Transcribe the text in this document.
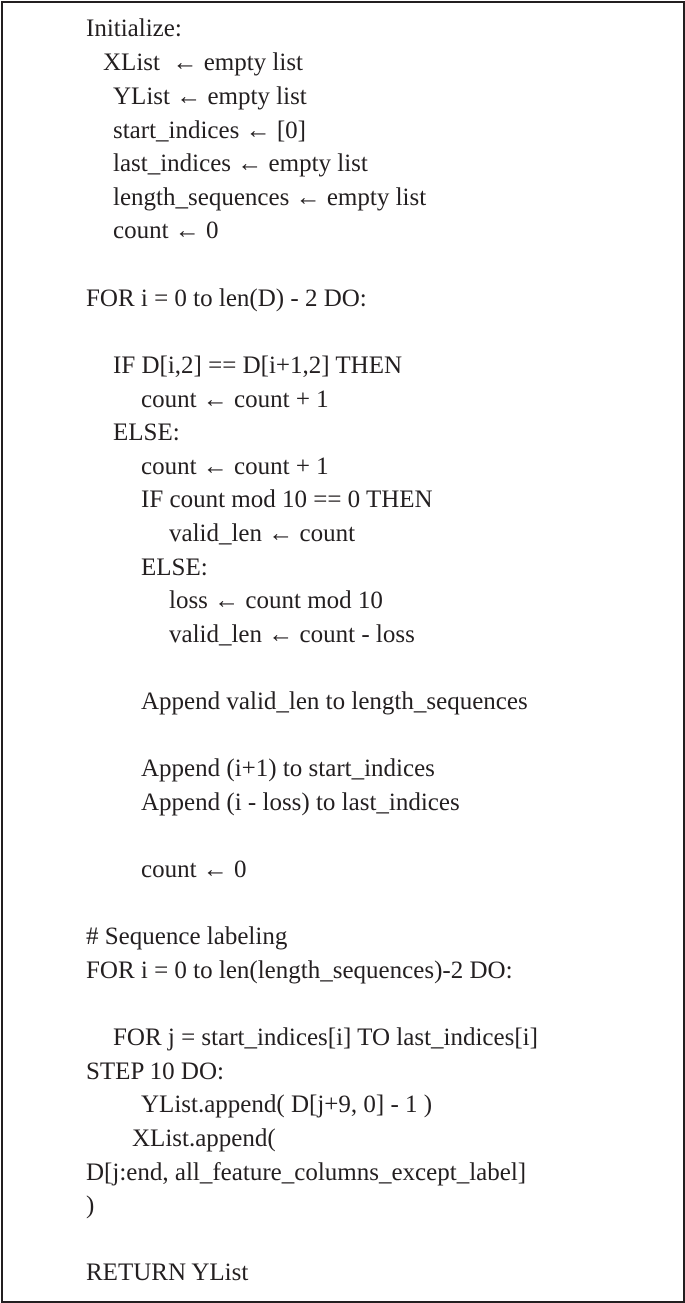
Initialize:
XList  ← empty list
YList ← empty list
start_indices ← [0]
last_indices ← empty list
length_sequences ← empty list
count ← 0
FOR i = 0 to len(D) - 2 DO:
IF D[i,2] == D[i+1,2] THEN
count ← count + 1
ELSE:
count ← count + 1
IF count mod 10 == 0 THEN
valid_len ← count
ELSE:
loss ← count mod 10
valid_len ← count - loss
Append valid_len to length_sequences
Append (i+1) to start_indices
Append (i - loss) to last_indices
count ← 0
# Sequence labeling
FOR i = 0 to len(length_sequences)-2 DO:
FOR j = start_indices[i] TO last_indices[i]
STEP 10 DO:
YList.append( D[j+9, 0] - 1 )
XList.append(
D[j:end, all_feature_columns_except_label]
)
RETURN YList
